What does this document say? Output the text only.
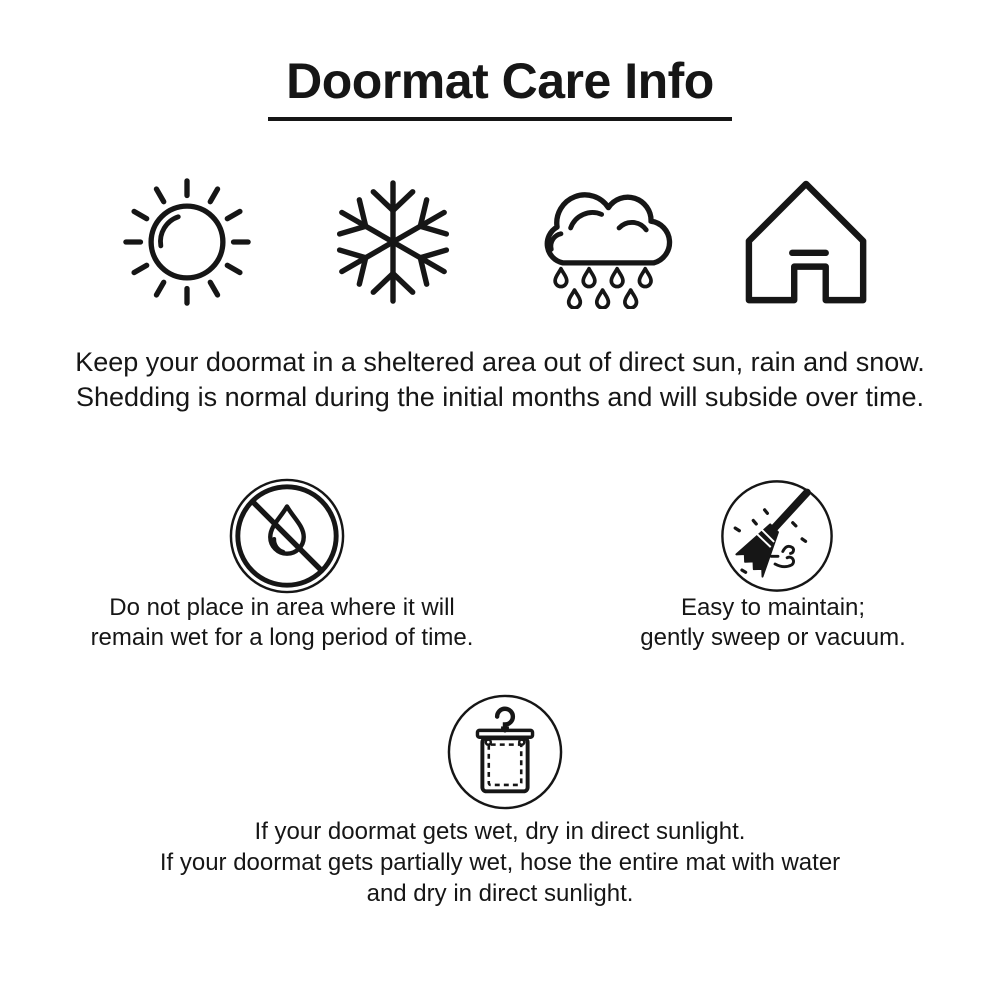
Doormat Care Info

Keep your doormat in a sheltered area out of direct sun, rain and snow.
Shedding is normal during the initial months and will subside over time.

Do not place in area where it will
remain wet for a long period of time.

Easy to maintain;
gently sweep or vacuum.

If your doormat gets wet, dry in direct sunlight.
If your doormat gets partially wet, hose the entire mat with water
and dry in direct sunlight.
